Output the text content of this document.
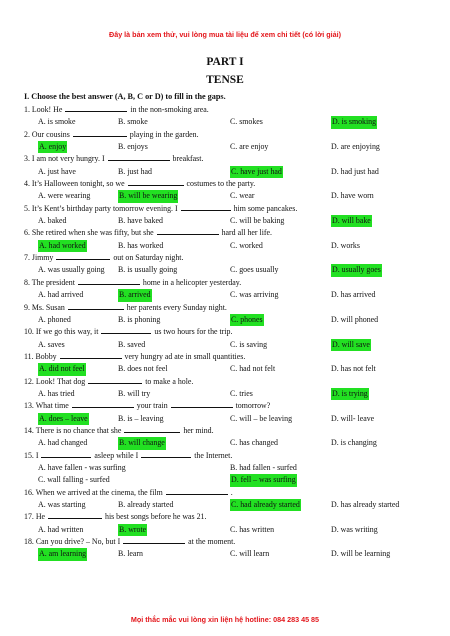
Đây là bản xem thử, vui lòng mua tài liệu để xem chi tiết (có lời giải)
PART I
TENSE
I. Choose the best answer (A, B, C or D) to fill in the gaps.
1. Look! He	in the non-smoking area.
A. is smoke	B. smoke	C. smokes	D. is smoking
2. Our cousins	playing in the garden.
A. enjoy	B. enjoys	C. are enjoy	D. are enjoying
3. I am not very hungry. I	breakfast.
A. just have	B. just had	C. have just had	D. had just had
4. It’s Halloween tonight, so we	costumes to the party.
A. were wearing	B. will be wearing	C. wear	D. have worn
5. It’s Kent’s birthday party tomorrow evening. I	him some pancakes.
A. baked	B. have baked	C. will be baking	D. will bake
6. She retired when she was fifty, but she	hard all her life.
A. had worked	B. has worked	C. worked	D. works
7. Jimmy	out on Saturday night.
A. was usually going B. is usually going	C. goes usually	D. usually goes
8. The president	home in a helicopter yesterday.
A. had arrived	B. arrived	C. was arriving	D. has arrived
9. Ms. Susan	her parents every Sunday night.
A. phoned	B. is phoning	C. phones	D. will phoned
10. If we go this way, it	us two hours for the trip.
A. saves	B. saved	C. is saving	D. will save
11. Bobby	very hungry ad ate in small quantities.
A. did not feel	B. does not feel	C. had not felt	D. has not felt
12. Look! That dog	to make a hole.
A. has tried	B. will try	C. tries	D. is trying
13. What time	your train	tomorrow?
A. does – leave	B. is – leaving	C. will – be leaving	D. will- leave
14. There is no chance that she	her mind.
A. had changed	B. will change	C. has changed	D. is changing
15. I	asleep while I	the Internet.
A. have fallen - was surfing	B. had fallen - surfed
C. wall falling - surfed	D. fell – was surfing
16. When we arrived at the cinema, the film	.
A. was starting	B. already started	C. had already started	D. has already started
17. He	his best songs before he was 21.
A. had written	B. wrote	C. has written	D. was writing
18. Can you drive? – No, but I	at the moment.
A. am learning	B. learn	C. will learn	D. will be learning
Mọi thắc mắc vui lòng xin liện hệ hotline: 084 283 45 85
